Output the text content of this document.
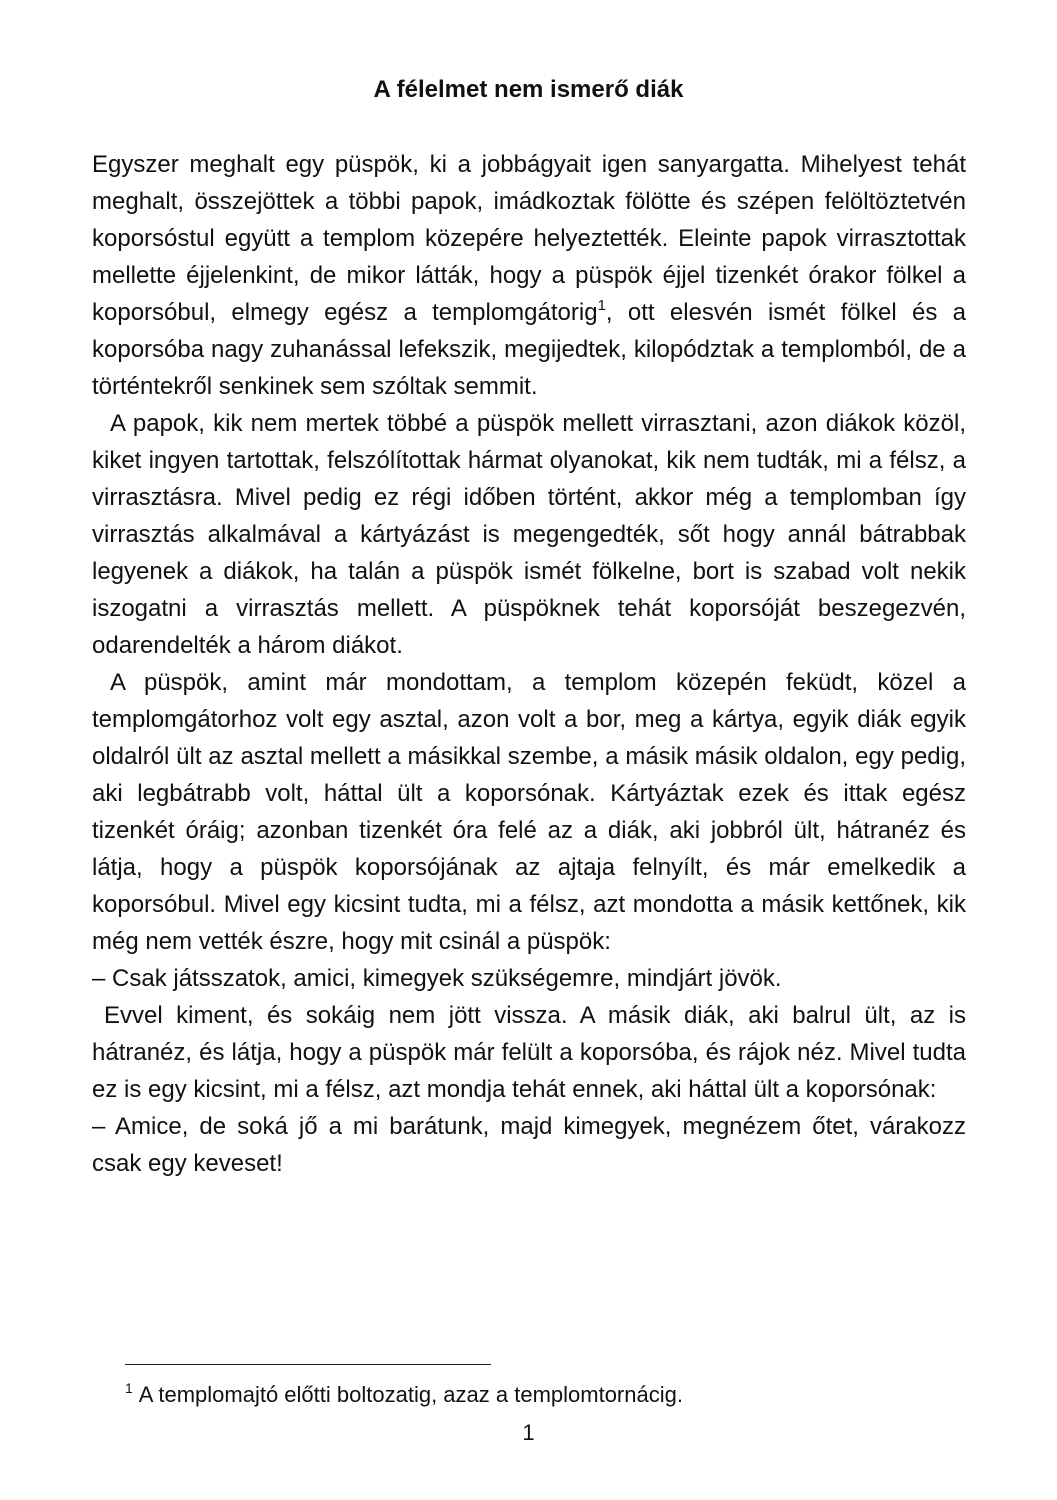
A félelmet nem ismerő diák

Egyszer meghalt egy püspök, ki a jobbágyait igen sanyargatta. Mihelyest tehát meghalt, összejöttek a többi papok, imádkoztak fölötte és szépen felöltöztetvén koporsóstul együtt a templom közepére helyeztették. Eleinte papok virrasztottak mellette éjjelenkint, de mikor látták, hogy a püspök éjjel tizenkét órakor fölkel a koporsóbul, elmegy egész a templomgátorig$^1$, ott elesvén ismét fölkel és a koporsóba nagy zuhanással lefekszik, megijedtek, kilopództak a templomból, de a történtekről senkinek sem szóltak semmit.

A papok, kik nem mertek többé a püspök mellett virrasztani, azon diákok közöl, kiket ingyen tartottak, felszólítottak hármat olyanokat, kik nem tudták, mi a félsz, a virrasztásra. Mivel pedig ez régi időben történt, akkor még a templomban így virrasztás alkalmával a kártyázást is megengedték, sőt hogy annál bátrabbak legyenek a diákok, ha talán a püspök ismét fölkelne, bort is szabad volt nekik iszogatni a virrasztás mellett. A püspöknek tehát koporsóját beszegezvén, odarendelték a három diákot.

A püspök, amint már mondottam, a templom közepén feküdt, közel a templomgátorhoz volt egy asztal, azon volt a bor, meg a kártya, egyik diák egyik oldalról ült az asztal mellett a másikkal szembe, a másik másik oldalon, egy pedig, aki legbátrabb volt, háttal ült a koporsónak. Kártyáztak ezek és ittak egész tizenkét óráig; azonban tizenkét óra felé az a diák, aki jobbról ült, hátranéz és látja, hogy a püspök koporsójának az ajtaja felnyílt, és már emelkedik a koporsóbul. Mivel egy kicsint tudta, mi a félsz, azt mondotta a másik kettőnek, kik még nem vették észre, hogy mit csinál a püspök:

– Csak játsszatok, amici, kimegyek szükségemre, mindjárt jövök.

Evvel kiment, és sokáig nem jött vissza. A másik diák, aki balrul ült, az is hátranéz, és látja, hogy a püspök már felült a koporsóba, és rájok néz. Mivel tudta ez is egy kicsint, mi a félsz, azt mondja tehát ennek, aki háttal ült a koporsónak:

– Amice, de soká jő a mi barátunk, majd kimegyek, megnézem őtet, várakozz csak egy keveset!

$^1$ A templomajtó előtti boltozatig, azaz a templomtornácig.
1
